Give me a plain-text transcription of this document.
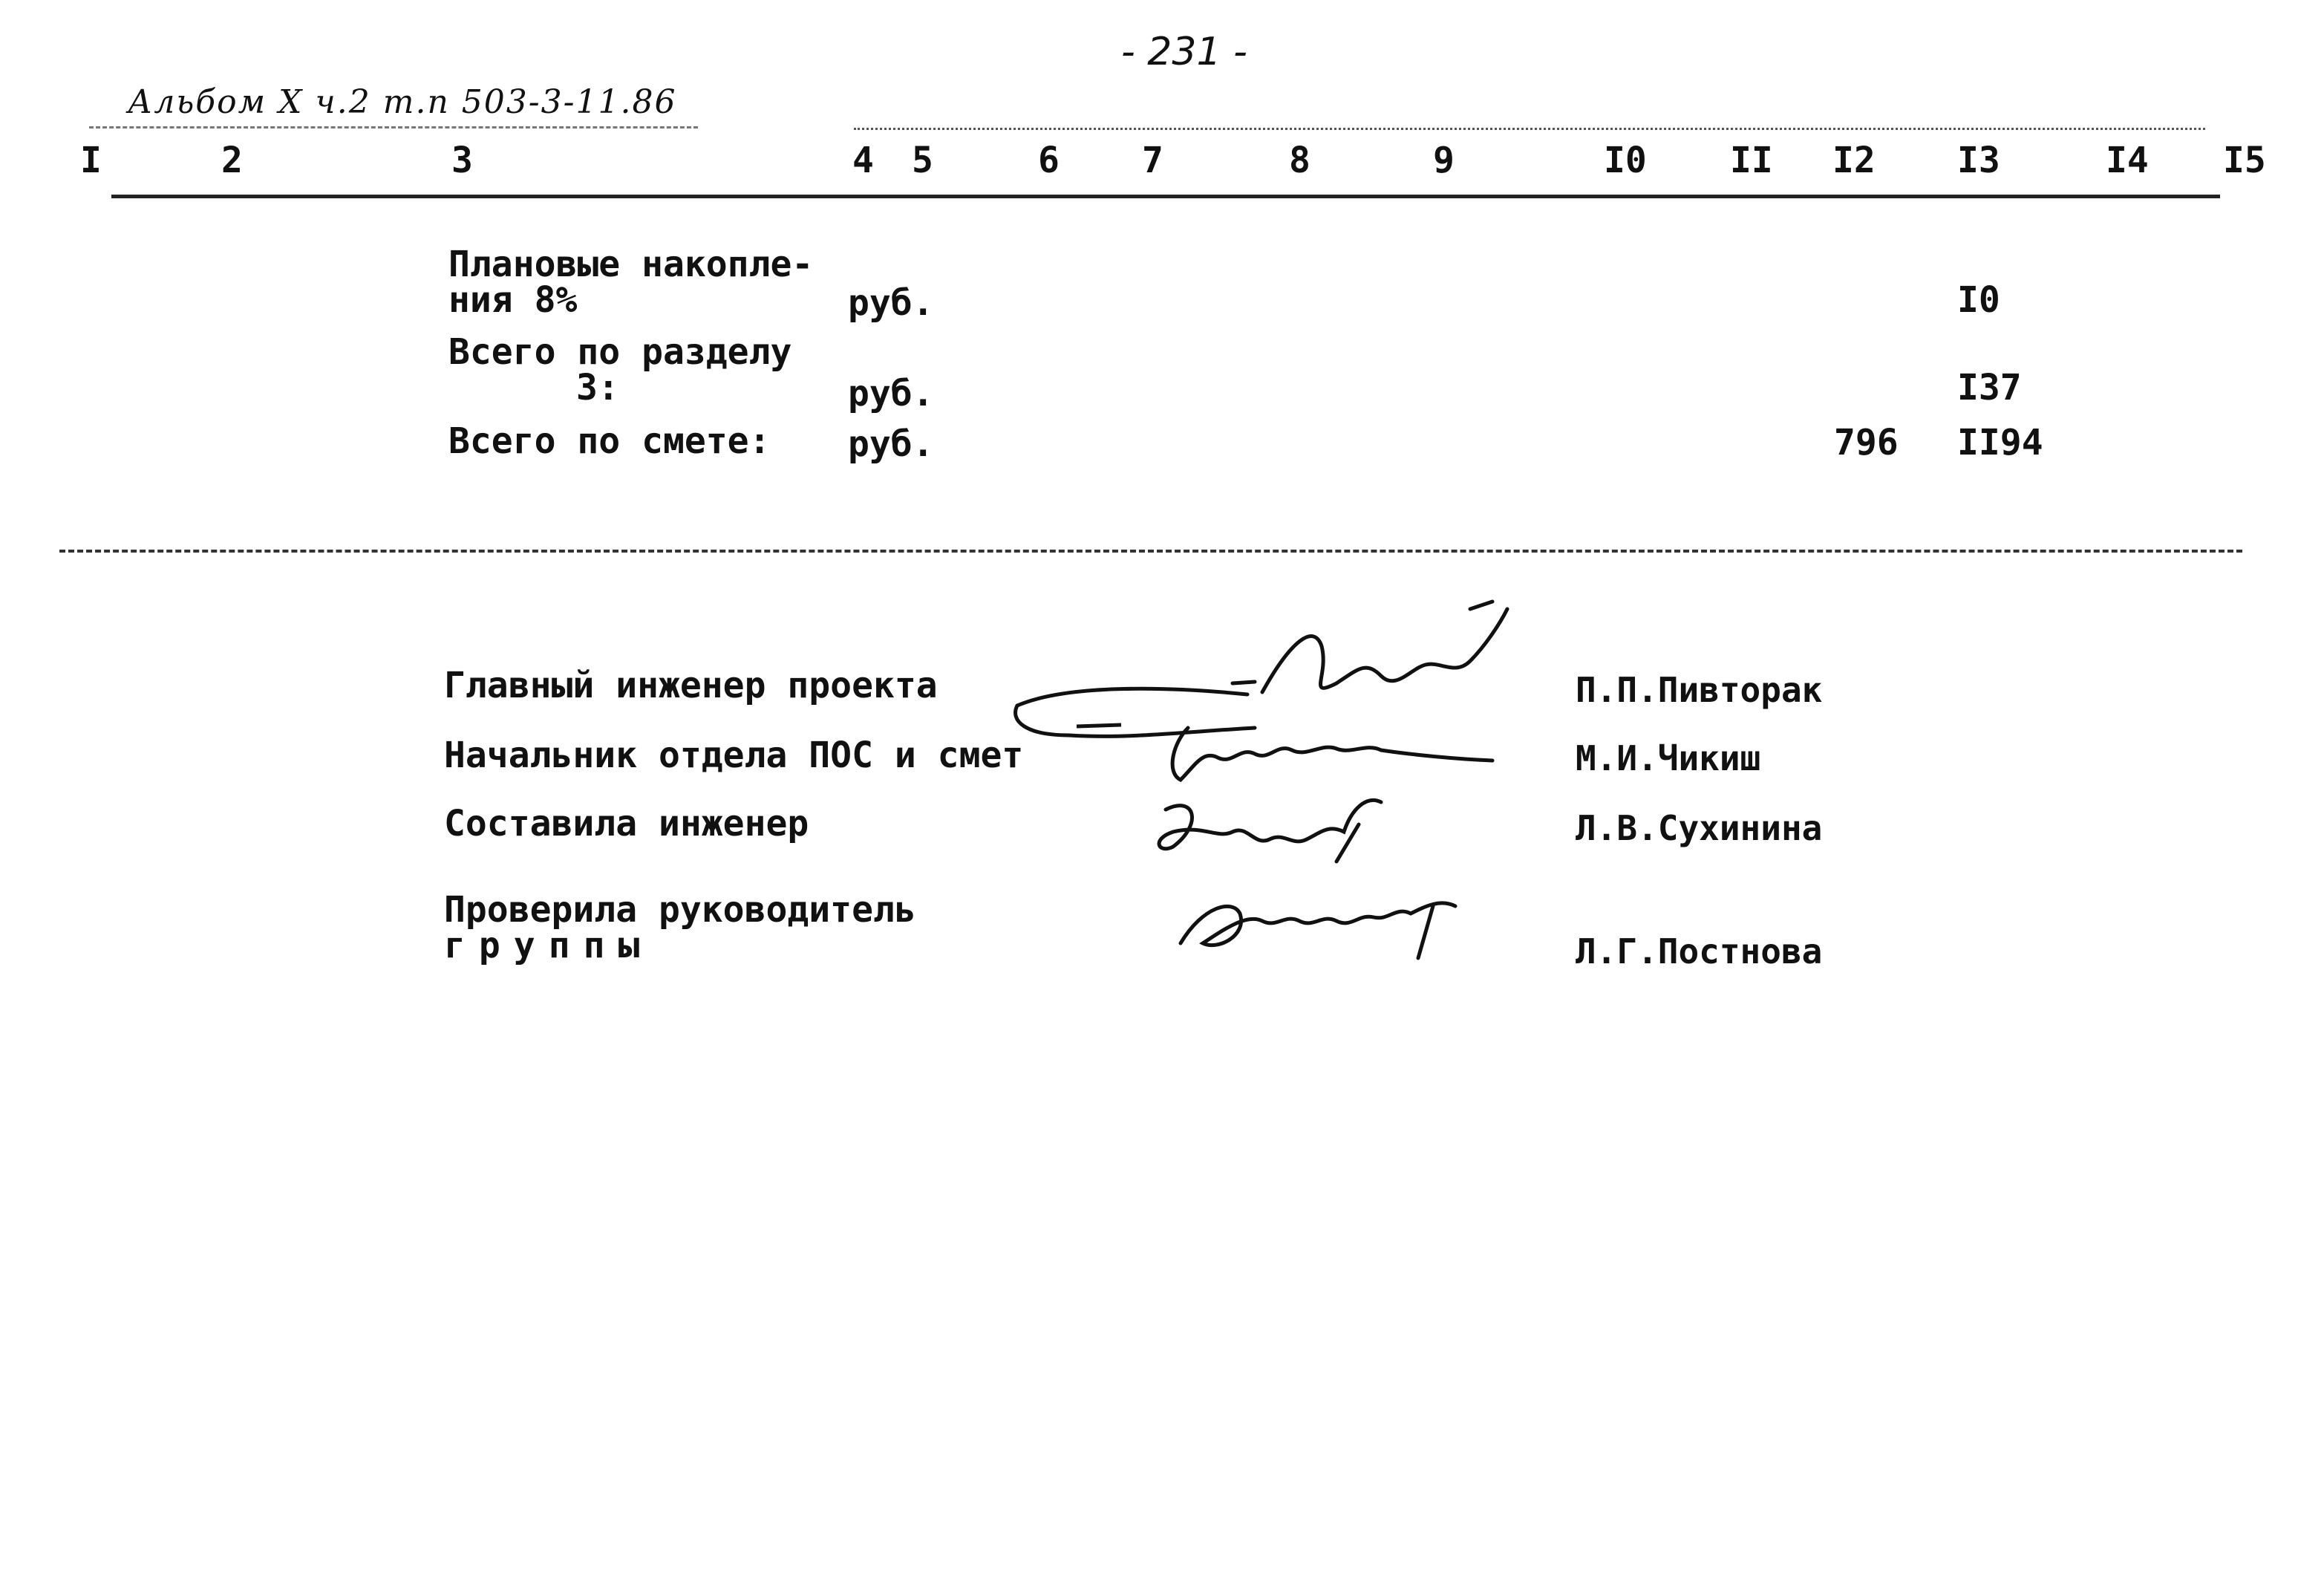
- 231 -
Альбом X ч.2 т.п 503-3-11.86
I	2	3	4 5	6 7	8	9	I0 II I2 I3	I4 I5
Плановые накопле-
ния 8%	руб.	I0
Всего по разделу
3:	руб.	I37
Всего по смете: руб.	796 II94
Главный инженер проекта	П.П.Пивторак
Начальник отдела ПОС и смет	М.И.Чикиш
Составила инженер	Л.В.Сухинина
Проверила руководитель
группы	Л.Г.Постнова
